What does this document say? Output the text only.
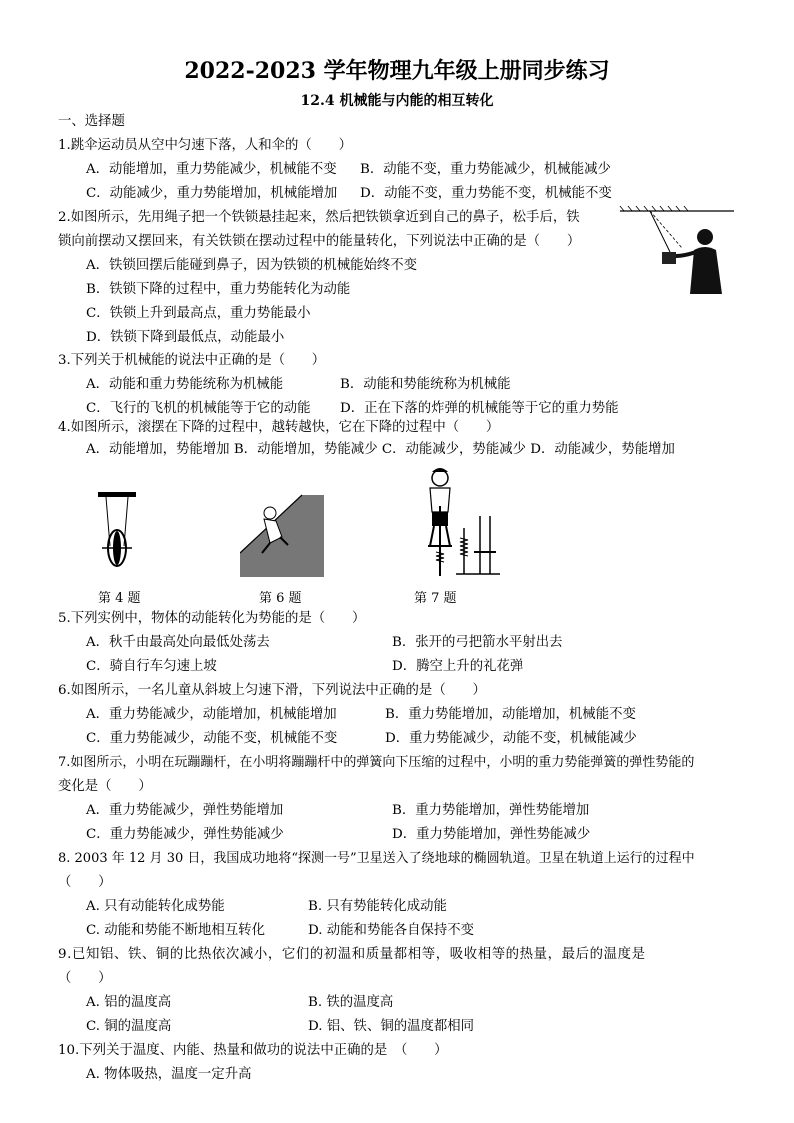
2022-2023 学年物理九年级上册同步练习
12.4 机械能与内能的相互转化
一、选择题
1.跳伞运动员从空中匀速下落，人和伞的（　　）
A．动能增加，重力势能减少，机械能不变 B．动能不变，重力势能减少，机械能减少
C．动能减少，重力势能增加，机械能增加 D．动能不变，重力势能不变，机械能不变
2.如图所示，先用绳子把一个铁锁悬挂起来，然后把铁锁拿近到自己的鼻子，松手后，铁
锁向前摆动又摆回来，有关铁锁在摆动过程中的能量转化，下列说法中正确的是（　　）
A．铁锁回摆后能碰到鼻子，因为铁锁的机械能始终不变
B．铁锁下降的过程中，重力势能转化为动能
C．铁锁上升到最高点，重力势能最小
D．铁锁下降到最低点，动能最小
3.下列关于机械能的说法中正确的是（　　）
A．动能和重力势能统称为机械能	B．动能和势能统称为机械能
C．飞行的飞机的机械能等于它的动能 D．正在下落的炸弹的机械能等于它的重力势能
4.如图所示，滚摆在下降的过程中，越转越快，它在下降的过程中（　　）
A．动能增加，势能增加 B．动能增加，势能减少 C．动能减少，势能减少 D．动能减少，势能增加
第 4 题	第 6 题	第 7 题
5.下列实例中，物体的动能转化为势能的是（　　）
A．秋千由最高处向最低处荡去	B．张开的弓把箭水平射出去
C．骑自行车匀速上坡	D．腾空上升的礼花弹
6.如图所示，一名儿童从斜坡上匀速下滑，下列说法中正确的是（　　）
A．重力势能减少，动能增加，机械能增加	B．重力势能增加，动能增加，机械能不变
C．重力势能减少，动能不变，机械能不变	D．重力势能减少，动能不变，机械能减少
7.如图所示，小明在玩蹦蹦杆，在小明将蹦蹦杆中的弹簧向下压缩的过程中，小明的重力势能弹簧的弹性势能的
变化是（　　）
A．重力势能减少，弹性势能增加	B．重力势能增加，弹性势能增加
C．重力势能减少，弹性势能减少	D．重力势能增加，弹性势能减少
8. 2003 年 12 月 30 日，我国成功地将“探测一号”卫星送入了绕地球的椭圆轨道。卫星在轨道上运行的过程中
（　　）
A. 只有动能转化成势能	B. 只有势能转化成动能
C. 动能和势能不断地相互转化	D. 动能和势能各自保持不变
9.已知铝、铁、铜的比热依次减小，它们的初温和质量都相等，吸收相等的热量，最后的温度是
（　　）
A. 铝的温度高	B. 铁的温度高
C. 铜的温度高	D. 铝、铁、铜的温度都相同
10.下列关于温度、内能、热量和做功的说法中正确的是　（　　）
A. 物体吸热，温度一定升高
